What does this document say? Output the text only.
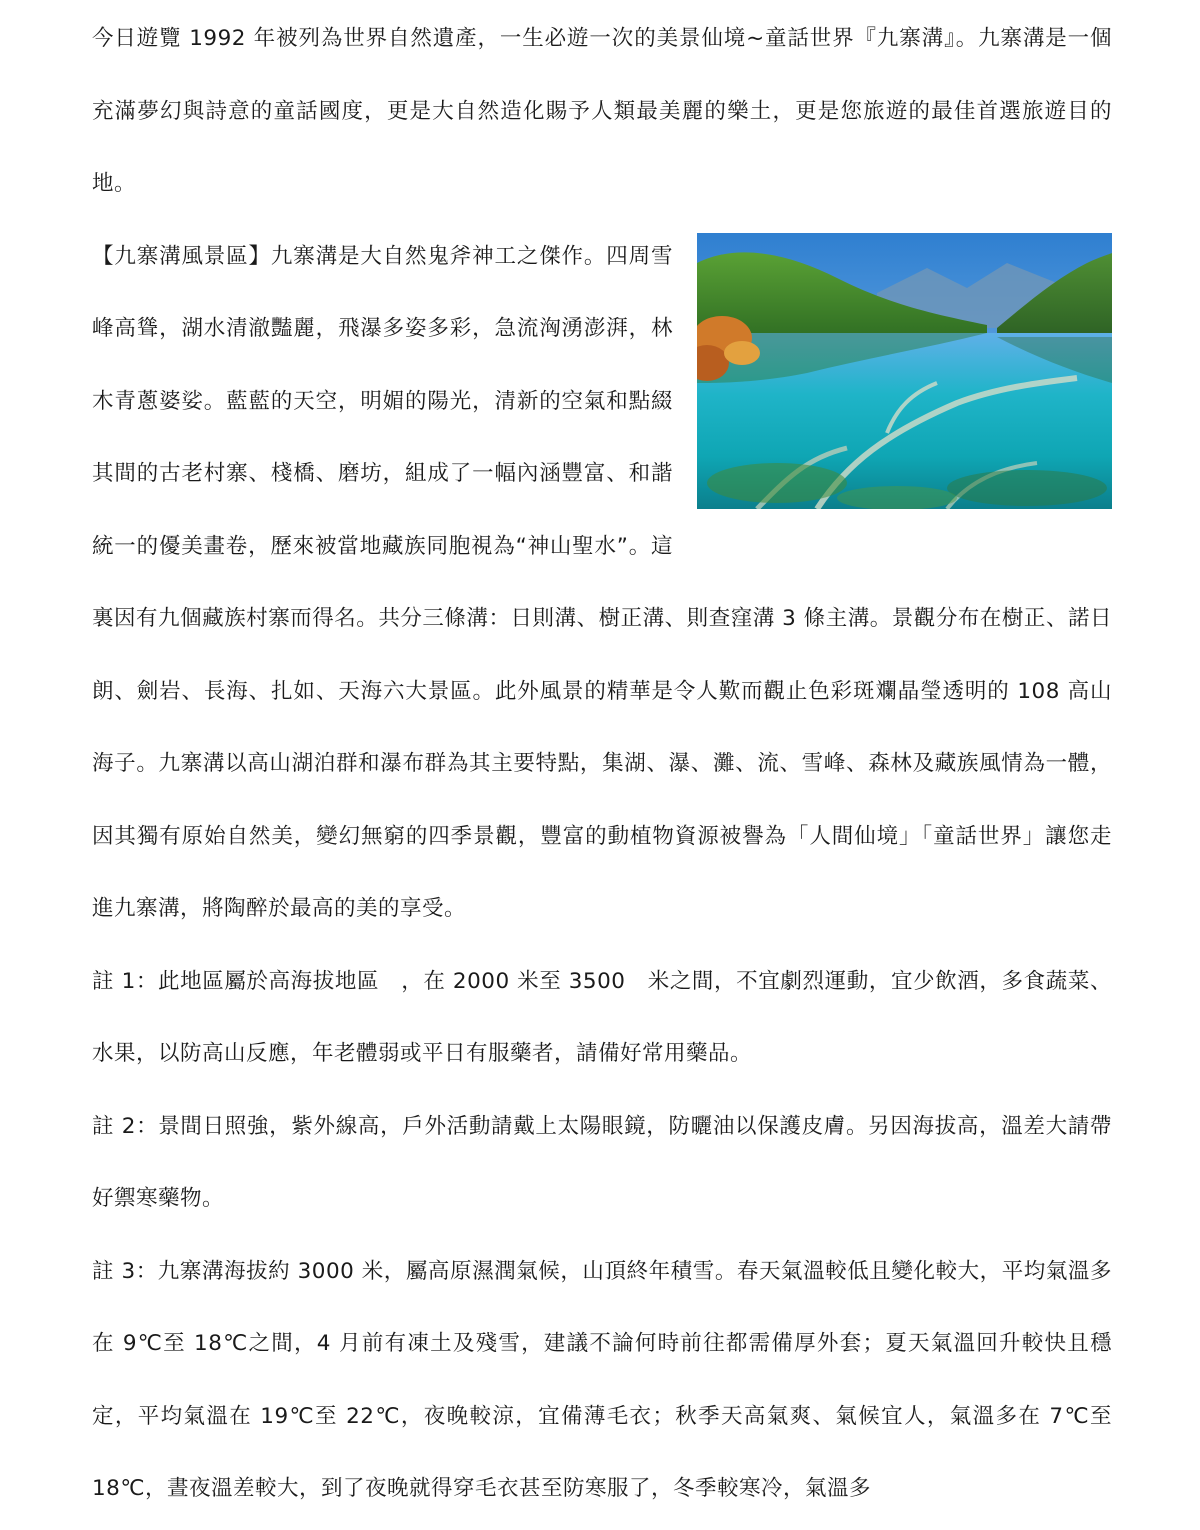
今日遊覽 1992 年被列為世界自然遺產，一生必遊一次的美景仙境~童話世界『九寨溝』。九寨溝是一個充滿夢幻與詩意的童話國度，更是大自然造化賜予人類最美麗的樂土，更是您旅遊的最佳首選旅遊目的地。

【九寨溝風景區】九寨溝是大自然鬼斧神工之傑作。四周雪峰高聳，湖水清澈豔麗，飛瀑多姿多彩，急流洶湧澎湃，林木青蔥婆娑。藍藍的天空，明媚的陽光，清新的空氣和點綴其間的古老村寨、棧橋、磨坊，組成了一幅內涵豐富、和諧統一的優美畫卷，歷來被當地藏族同胞視為“神山聖水”。這裏因有九個藏族村寨而得名。共分三條溝：日則溝、樹正溝、則查窪溝 3 條主溝。景觀分布在樹正、諾日朗、劍岩、長海、扎如、天海六大景區。此外風景的精華是令人歎而觀止色彩斑斕晶瑩透明的 108 高山海子。九寨溝以高山湖泊群和瀑布群為其主要特點，集湖、瀑、灘、流、雪峰、森林及藏族風情為一體，因其獨有原始自然美，變幻無窮的四季景觀，豐富的動植物資源被譽為「人間仙境」「童話世界」讓您走進九寨溝，將陶醉於最高的美的享受。

註 1：此地區屬於高海拔地區　，在 2000 米至 3500　米之間，不宜劇烈運動，宜少飲酒，多食蔬菜、水果，以防高山反應，年老體弱或平日有服藥者，請備好常用藥品。

註 2：景間日照強，紫外線高，戶外活動請戴上太陽眼鏡，防曬油以保護皮膚。另因海拔高，溫差大請帶好禦寒藥物。

註 3：九寨溝海拔約 3000 米，屬高原濕潤氣候，山頂終年積雪。春天氣溫較低且變化較大，平均氣溫多在 9℃至 18℃之間，4 月前有凍土及殘雪，建議不論何時前往都需備厚外套；夏天氣溫回升較快且穩定，平均氣溫在 19℃至 22℃，夜晚較涼，宜備薄毛衣；秋季天高氣爽、氣候宜人，氣溫多在 7℃至 18℃，晝夜溫差較大，到了夜晚就得穿毛衣甚至防寒服了，冬季較寒冷，氣溫多
